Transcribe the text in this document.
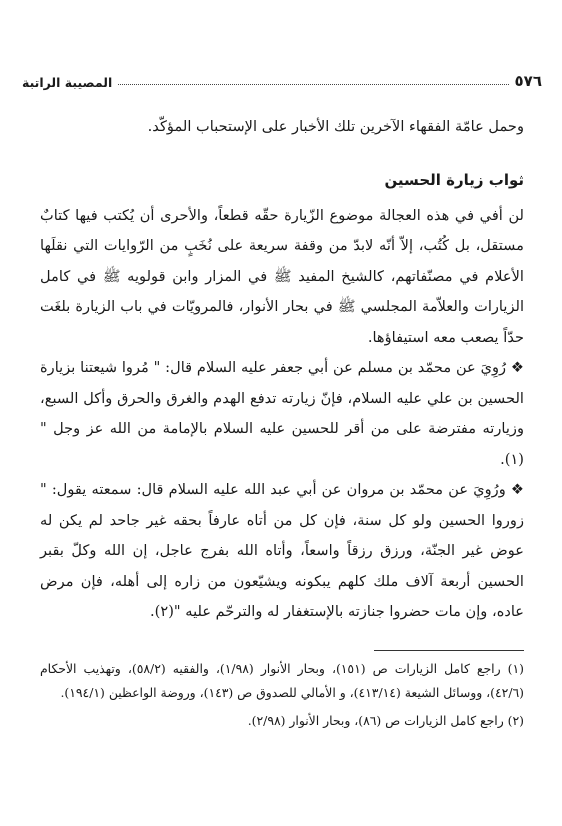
٥٧٦
المصيبة الراتبة

وحمل عامّة الفقهاء الآخرين تلك الأخبار على الإستحباب المؤكّد.

ثواب زيارة الحسين

لن أفي في هذه العجالة موضوع الزّيارة حقّه قطعاً، والأحرى أن يُكتب فيها كتابٌ مستقل، بل كُتُب، إلاّ أنّه لابدّ من وقفة سريعة على نُخَبٍ من الرّوايات التي نقلَها الأعلام في مصنّفاتهم، كالشيخ المفيد ﷺ في المزار وابن قولويه ﷺ في كامل الزيارات والعلاّمة المجلسي ﷺ في بحار الأنوار، فالمرويّات في باب الزيارة بلغَت حدّاً يصعب معه استيفاؤها.

❖ رُوِيَ عن محمّد بن مسلم عن أبي جعفر عليه السلام قال: " مُروا شيعتنا بزيارة الحسين بن علي عليه السلام، فإنّ زيارته تدفع الهدم والغرق والحرق وأكل السبع، وزيارته مفترضة على من أقر للحسين عليه السلام بالإمامة من الله عز وجل "(١).

❖ ورُوِيَ عن محمّد بن مروان عن أبي عبد الله عليه السلام قال: سمعته يقول: " زوروا الحسين ولو كل سنة، فإن كل من أتاه عارفاً بحقه غير جاحد لم يكن له عوض غير الجنّة، ورزق رزقاً واسعاً، وأتاه الله بفرج عاجل، إن الله وكلّ بقبر الحسين أربعة آلاف ملك كلهم يبكونه ويشيّعون من زاره إلى أهله، فإن مرض عاده، وإن مات حضروا جنازته بالإستغفار له والترحّم عليه "(٢).

(١) راجع كامل الزيارات ص (١٥١)، وبحار الأنوار (١/٩٨)، والفقيه (٥٨/٢)، وتهذيب الأحكام (٤٢/٦)، ووسائل الشيعة (٤١٣/١٤)، و الأمالي للصدوق ص (١٤٣)، وروضة الواعظين (١٩٤/١).

(٢) راجع كامل الزيارات ص (٨٦)، وبحار الأنوار (٢/٩٨).
